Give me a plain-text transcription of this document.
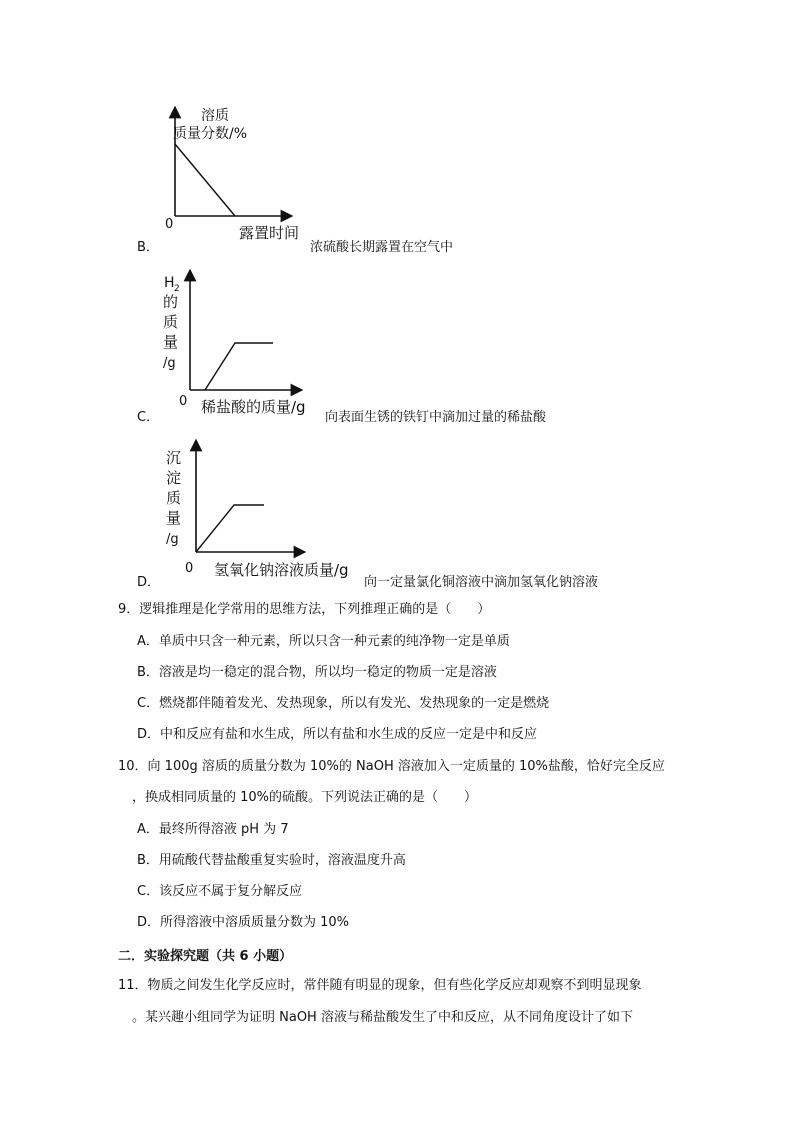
溶质
质量分数/%
0	露置时间
B．	浓硫酸长期露置在空气中
H 2
的
质
量
/g
0 稀盐酸的质量/g
C．	向表面生锈的铁钉中滴加过量的稀盐酸
沉
淀
质
量
/g
0 氢氧化钠溶液质量/g
D．	向一定量氯化铜溶液中滴加氢氧化钠溶液
9．逻辑推理是化学常用的思维方法，下列推理正确的是（　　）
A．单质中只含一种元素，所以只含一种元素的纯净物一定是单质
B．溶液是均一稳定的混合物，所以均一稳定的物质一定是溶液
C．燃烧都伴随着发光、发热现象，所以有发光、发热现象的一定是燃烧
D．中和反应有盐和水生成，所以有盐和水生成的反应一定是中和反应
10．向 100g 溶质的质量分数为 10%的 NaOH 溶液加入一定质量的 10%盐酸，恰好完全反应
，换成相同质量的 10%的硫酸。下列说法正确的是（　　）
A．最终所得溶液 pH 为 7
B．用硫酸代替盐酸重复实验时，溶液温度升高
C．该反应不属于复分解反应
D．所得溶液中溶质质量分数为 10%
二．实验探究题（共 6 小题）
11．物质之间发生化学反应时，常伴随有明显的现象，但有些化学反应却观察不到明显现象
。某兴趣小组同学为证明 NaOH 溶液与稀盐酸发生了中和反应，从不同角度设计了如下
